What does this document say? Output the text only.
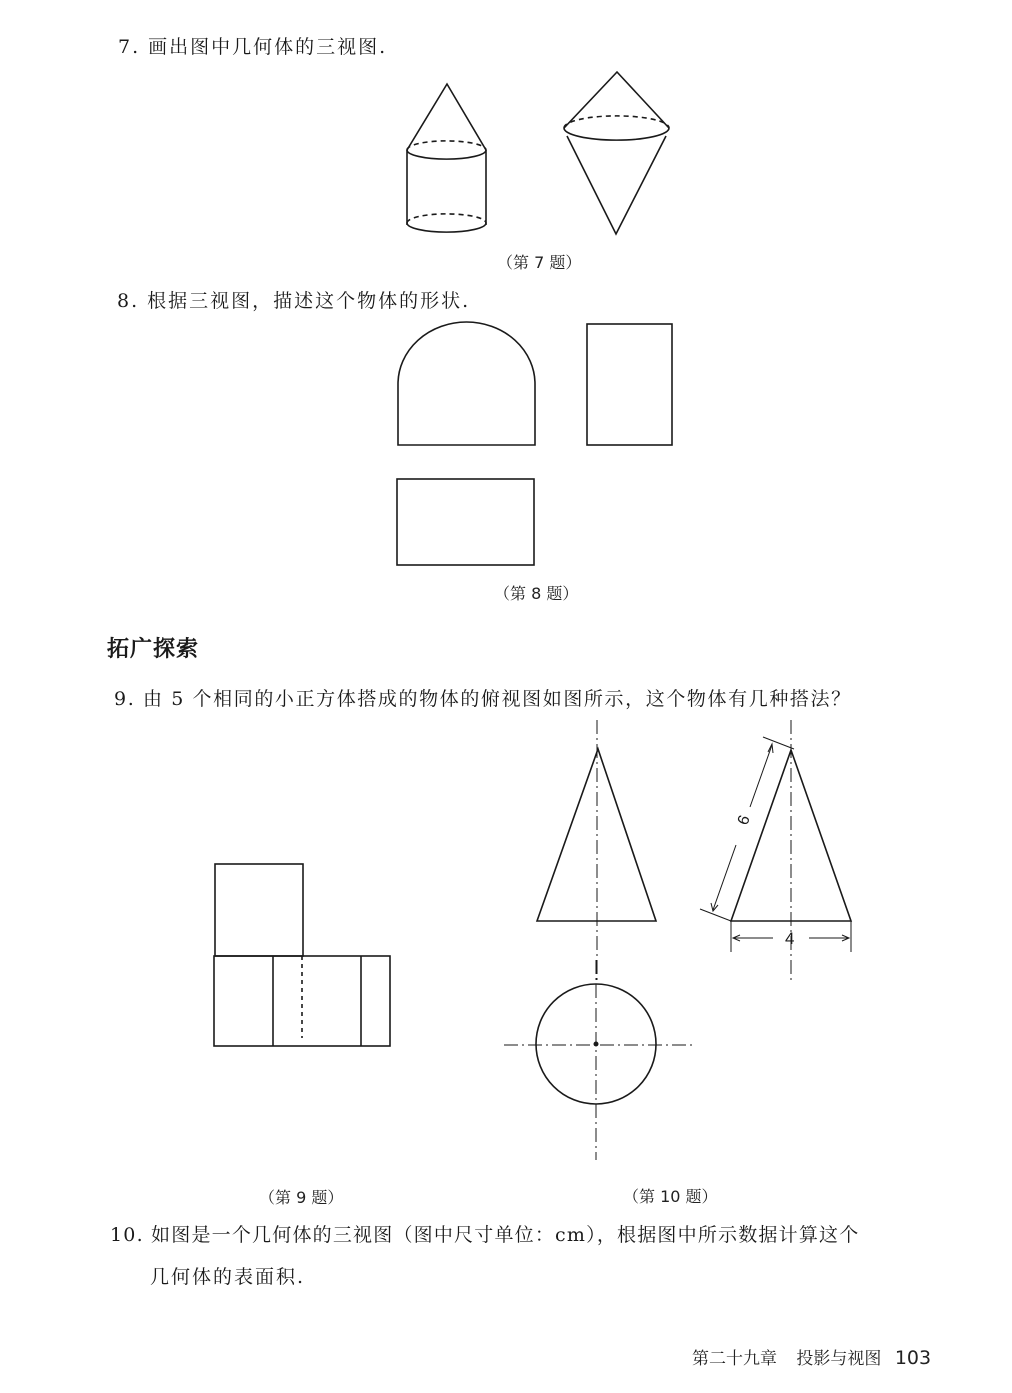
7. 画出图中几何体的三视图.
6
4
（第 7 题）
8. 根据三视图，描述这个物体的形状.
（第 8 题）
拓广探索
9. 由 5 个相同的小正方体搭成的物体的俯视图如图所示，这个物体有几种搭法？
（第 9 题）	（第 10 题）
10. 如图是一个几何体的三视图（图中尺寸单位：cm），根据图中所示数据计算这个
几何体的表面积.
第二十九章 投影与视图 103
